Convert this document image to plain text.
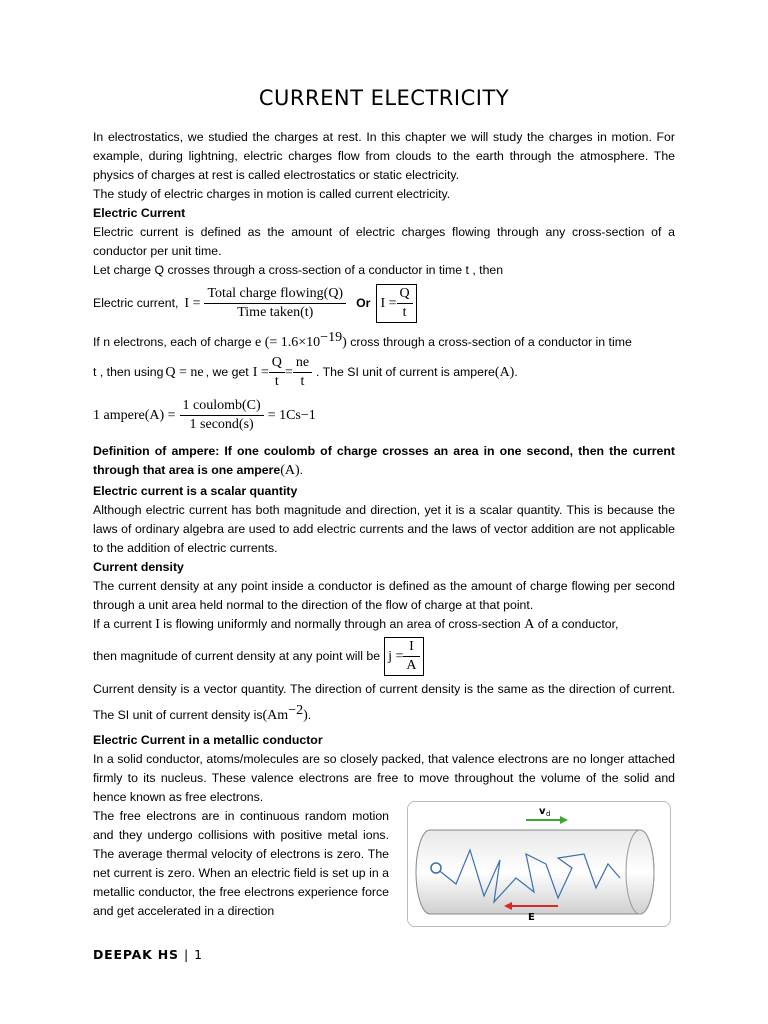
CURRENT ELECTRICITY

In electrostatics, we studied the charges at rest. In this chapter we will study the charges in motion. For example, during lightning, electric charges flow from clouds to the earth through the atmosphere. The physics of charges at rest is called electrostatics or static electricity.

The study of electric charges in motion is called current electricity.

Electric Current

Electric current is defined as the amount of electric charges flowing through any cross-section of a conductor per unit time.

Let charge Q crosses through a cross-section of a conductor in time t , then

Electric current, $I = \frac{\text{Total charge flowing(Q)}}{\text{Time taken(t)}}$ Or $I = \frac{Q}{t}$

If n electrons, each of charge e (= $1.6\times 10^{-19}$) cross through a cross-section of a conductor in time

t , then using Q = ne , we get $I = \frac{Q}{t} = \frac{ne}{t}$ . The SI unit of current is ampere (A) .
1 ampere(A) = $\frac{\text{1 coulomb(C)}}{\text{1 second(s)}} = 1Cs -1$

Definition of ampere: If one coulomb of charge crosses an area in one second, then the current through that area is one ampere(A).

Electric current is a scalar quantity

Although electric current has both magnitude and direction, yet it is a scalar quantity. This is because the laws of ordinary algebra are used to add electric currents and the laws of vector addition are not applicable to the addition of electric currents.

Current density

The current density at any point inside a conductor is defined as the amount of charge flowing per second through a unit area held normal to the direction of the flow of charge at that point.

If a current I is flowing uniformly and normally through an area of cross-section A of a conductor,

then magnitude of current density at any point will be $j = \frac{I}{A}$

Current density is a vector quantity. The direction of current density is the same as the direction of current. The SI unit of current density $is(Am^{-2})$.

Electric Current in a metallic conductor

In a solid conductor, atoms/molecules are so closely packed, that valence electrons are no longer attached firmly to its nucleus. These valence electrons are free to move throughout the volume of the solid and hence known as free electrons.

The free electrons are in continuous random motion and they undergo collisions with positive metal ions. The average thermal velocity of electrons is zero. The net current is zero. When an electric field is set up in a metallic conductor, the free electrons experience force and get accelerated in a direction

v d
E
DEEPAK HS | 1
